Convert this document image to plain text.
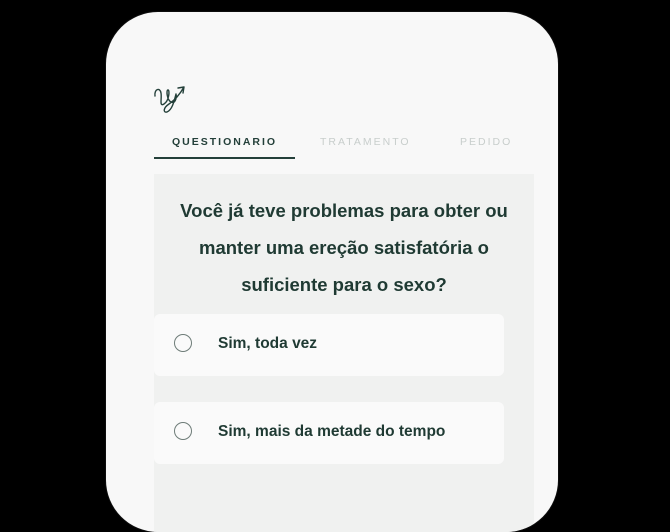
QUESTIONARIO	TRATAMENTO	PEDIDO
Você já teve problemas para obter ou
manter uma ereção satisfatória o
suficiente para o sexo?
Sim, toda vez
Sim, mais da metade do tempo
